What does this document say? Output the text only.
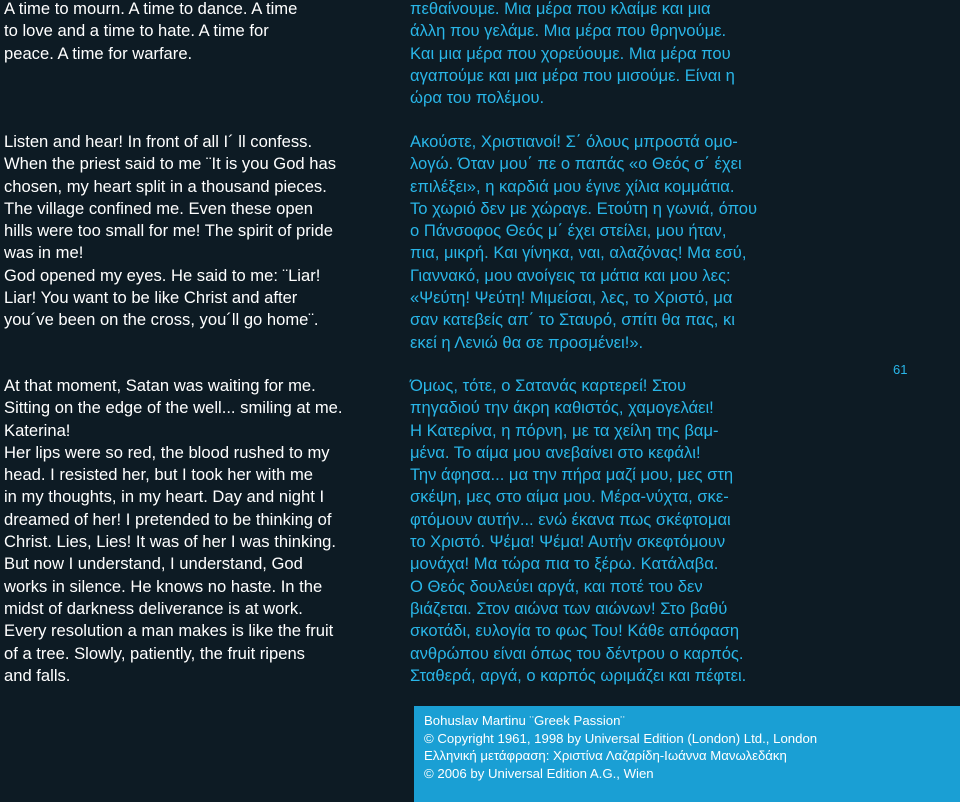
A time to mourn. A time to dance. A time
to love and a time to hate. A time for
peace. A time for warfare.
Listen and hear! In front of all I´ ll confess.
When the priest said to me ¨It is you God has
chosen, my heart split in a thousand pieces.
The village confined me. Even these open
hills were too small for me! The spirit of pride
was in me!
God opened my eyes. He said to me: ¨Liar!
Liar! You want to be like Christ and after
you´ve been on the cross, you´ll go home¨.
At that moment, Satan was waiting for me.
Sitting on the edge of the well... smiling at me.
Katerina!
Her lips were so red, the blood rushed to my
head. I resisted her, but I took her with me
in my thoughts, in my heart. Day and night I
dreamed of her! I pretended to be thinking of
Christ. Lies, Lies! It was of her I was thinking.
But now I understand, I understand, God
works in silence. He knows no haste. In the
midst of darkness deliverance is at work.
Every resolution a man makes is like the fruit
of a tree. Slowly, patiently, the fruit ripens
and falls.
πεθαίνουμε. Μια μέρα που κλαίμε και μια
άλλη που γελάμε. Μια μέρα που θρηνούμε.
Και μια μέρα που χορεύουμε. Μια μέρα που
αγαπούμε και μια μέρα που μισούμε. Είναι η
ώρα του πολέμου.
Ακούστε, Χριστιανοί! Σ΄ όλους μπροστά ομο-
λογώ. Όταν μου΄ πε ο παπάς «ο Θεός σ΄ έχει
επιλέξει», η καρδιά μου έγινε χίλια κομμάτια.
Το χωριό δεν με χώραγε. Ετούτη η γωνιά, όπου
ο Πάνσοφος Θεός μ΄ έχει στείλει, μου ήταν,
πια, μικρή. Και γίνηκα, ναι, αλαζόνας! Μα εσύ,
Γιαννακό, μου ανοίγεις τα μάτια και μου λες:
«Ψεύτη! Ψεύτη! Μιμείσαι, λες, το Χριστό, μα
σαν κατεβείς απ΄ το Σταυρό, σπίτι θα πας, κι
εκεί η Λενιώ θα σε προσμένει!».
Όμως, τότε, ο Σατανάς καρτερεί! Στου
πηγαδιού την άκρη καθιστός, χαμογελάει!
Η Κατερίνα, η πόρνη, με τα χείλη της βαμ-
μένα. Το αίμα μου ανεβαίνει στο κεφάλι!
Την άφησα... μα την πήρα μαζί μου, μες στη
σκέψη, μες στο αίμα μου. Μέρα-νύχτα, σκε-
φτόμουν αυτήν... ενώ έκανα πως σκέφτομαι
το Χριστό. Ψέμα! Ψέμα! Αυτήν σκεφτόμουν
μονάχα! Μα τώρα πια το ξέρω. Κατάλαβα.
Ο Θεός δουλεύει αργά, και ποτέ του δεν
βιάζεται. Στον αιώνα των αιώνων! Στο βαθύ
σκοτάδι, ευλογία το φως Του! Κάθε απόφαση
ανθρώπου είναι όπως του δέντρου ο καρπός.
Σταθερά, αργά, ο καρπός ωριμάζει και πέφτει.
61
Bohuslav Martinu ¨Greek Passion¨
© Copyright 1961, 1998 by Universal Edition (London) Ltd., London
Ελληνική μετάφραση: Χριστίνα Λαζαρίδη-Ιωάννα Μανωλεδάκη
© 2006 by Universal Edition A.G., Wien
